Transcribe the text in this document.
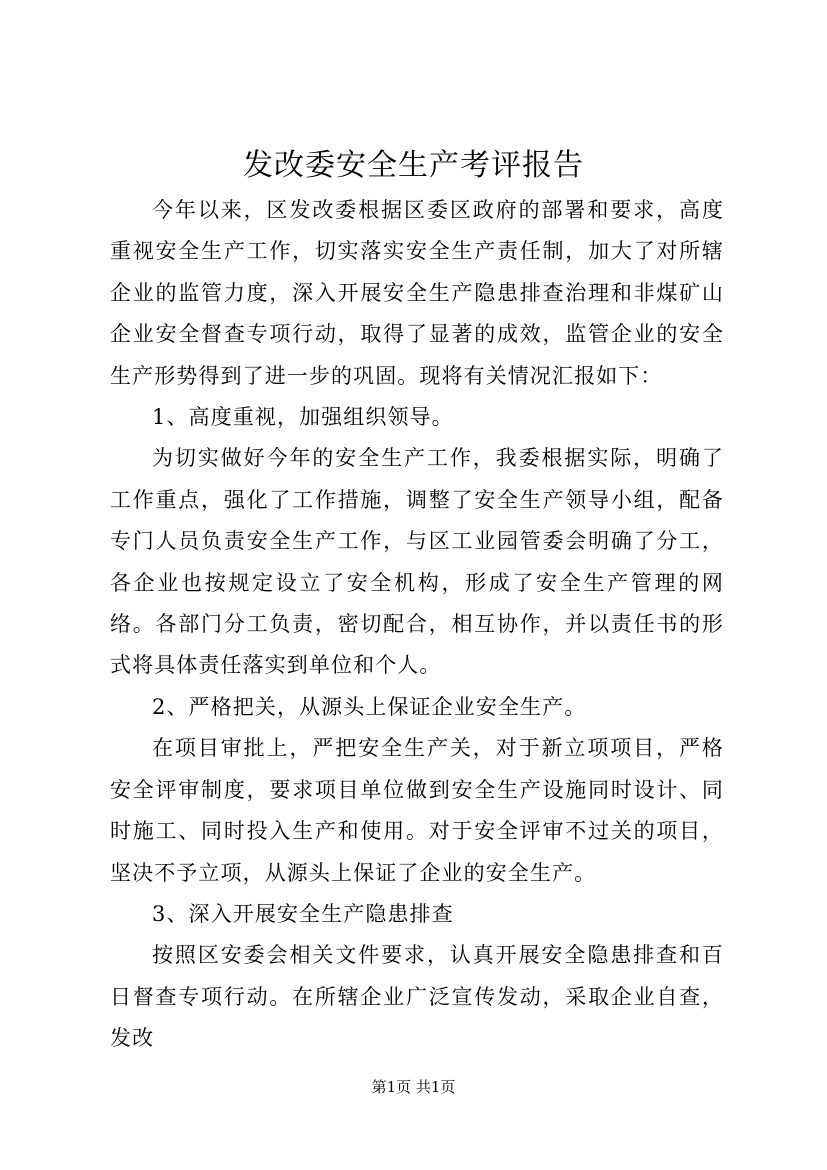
发改委安全生产考评报告

今年以来，区发改委根据区委区政府的部署和要求，高度重视安全生产工作，切实落实安全生产责任制，加大了对所辖企业的监管力度，深入开展安全生产隐患排查治理和非煤矿山企业安全督查专项行动，取得了显著的成效，监管企业的安全生产形势得到了进一步的巩固。现将有关情况汇报如下：

1、高度重视，加强组织领导。

为切实做好今年的安全生产工作，我委根据实际，明确了工作重点，强化了工作措施，调整了安全生产领导小组，配备专门人员负责安全生产工作，与区工业园管委会明确了分工，各企业也按规定设立了安全机构，形成了安全生产管理的网络。各部门分工负责，密切配合，相互协作，并以责任书的形式将具体责任落实到单位和个人。

2、严格把关，从源头上保证企业安全生产。

在项目审批上，严把安全生产关，对于新立项项目，严格安全评审制度，要求项目单位做到安全生产设施同时设计、同时施工、同时投入生产和使用。对于安全评审不过关的项目，坚决不予立项，从源头上保证了企业的安全生产。

3、深入开展安全生产隐患排查

按照区安委会相关文件要求，认真开展安全隐患排查和百日督查专项行动。在所辖企业广泛宣传发动，采取企业自查，发改

第1页 共1页
